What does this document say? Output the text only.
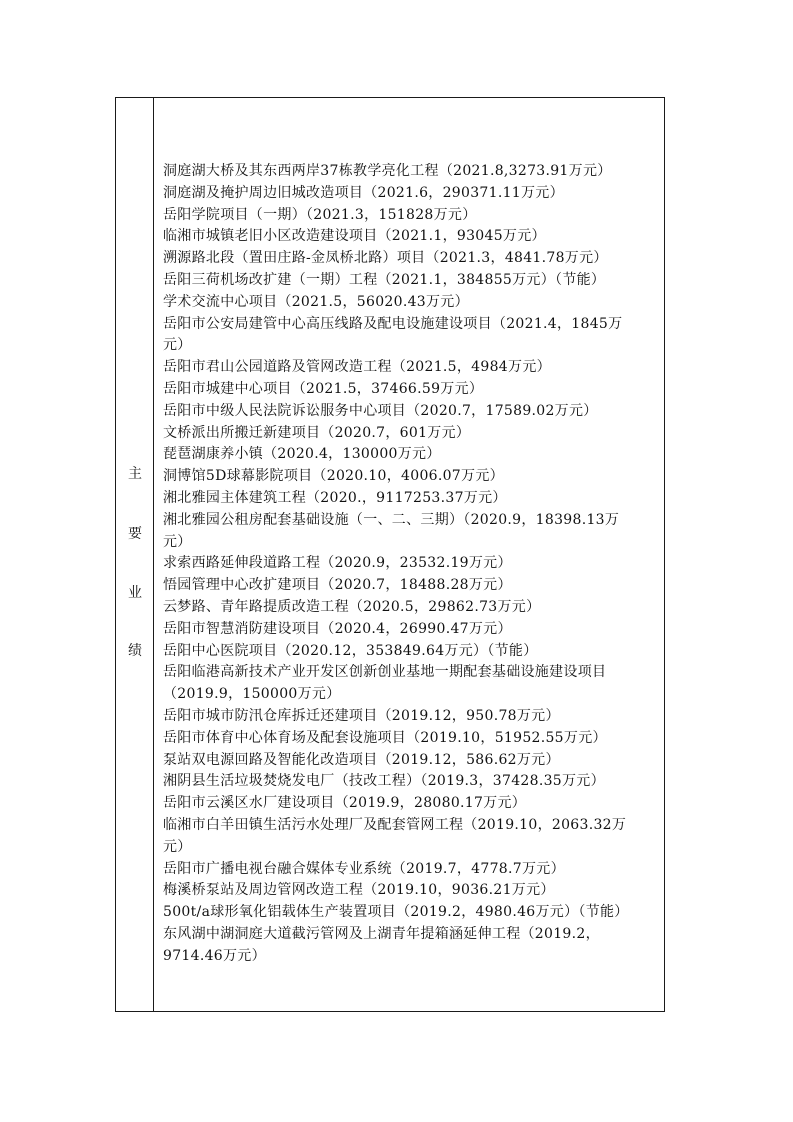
主
要
业
绩
洞庭湖大桥及其东西两岸37栋教学亮化工程（2021.8,3273.91万元）
洞庭湖及掩护周边旧城改造项目（2021.6，290371.11万元）
岳阳学院项目（一期）（2021.3，151828万元）
临湘市城镇老旧小区改造建设项目（2021.1，93045万元）
溯源路北段（置田庄路-金凤桥北路）项目（2021.3，4841.78万元）
岳阳三荷机场改扩建（一期）工程（2021.1，384855万元）（节能）
学术交流中心项目（2021.5，56020.43万元）
岳阳市公安局建管中心高压线路及配电设施建设项目（2021.4，1845万
元）
岳阳市君山公园道路及管网改造工程（2021.5，4984万元）
岳阳市城建中心项目（2021.5，37466.59万元）
岳阳市中级人民法院诉讼服务中心项目（2020.7，17589.02万元）
文桥派出所搬迁新建项目（2020.7，601万元）
琵琶湖康养小镇（2020.4，130000万元）
洞博馆5D球幕影院项目（2020.10，4006.07万元）
湘北雅园主体建筑工程（2020.，9117253.37万元）
湘北雅园公租房配套基础设施（一、二、三期）（2020.9，18398.13万
元）
求索西路延伸段道路工程（2020.9，23532.19万元）
悟园管理中心改扩建项目（2020.7，18488.28万元）
云梦路、青年路提质改造工程（2020.5，29862.73万元）
岳阳市智慧消防建设项目（2020.4，26990.47万元）
岳阳中心医院项目（2020.12，353849.64万元）（节能）
岳阳临港高新技术产业开发区创新创业基地一期配套基础设施建设项目
（2019.9，150000万元）
岳阳市城市防汛仓库拆迁还建项目（2019.12，950.78万元）
岳阳市体育中心体育场及配套设施项目（2019.10，51952.55万元）
泵站双电源回路及智能化改造项目（2019.12，586.62万元）
湘阴县生活垃圾焚烧发电厂（技改工程）（2019.3，37428.35万元）
岳阳市云溪区水厂建设项目（2019.9，28080.17万元）
临湘市白羊田镇生活污水处理厂及配套管网工程（2019.10，2063.32万
元）
岳阳市广播电视台融合媒体专业系统（2019.7，4778.7万元）
梅溪桥泵站及周边管网改造工程（2019.10，9036.21万元）
500t/a球形氧化铝载体生产装置项目（2019.2，4980.46万元）（节能）
东风湖中湖洞庭大道截污管网及上湖青年提箱涵延伸工程（2019.2，
9714.46万元）
